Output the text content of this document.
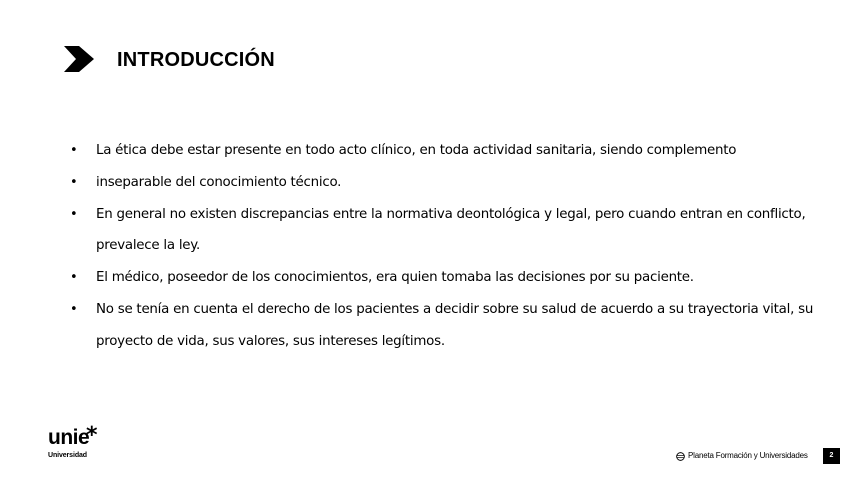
INTRODUCCIÓN
• La ética debe estar presente en todo acto clínico, en toda actividad sanitaria, siendo complemento
• inseparable del conocimiento técnico.
• En general no existen discrepancias entre la normativa deontológica y legal, pero cuando entran en conflicto, prevalece la ley.
• El médico, poseedor de los conocimientos, era quien tomaba las decisiones por su paciente.
• No se tenía en cuenta el derecho de los pacientes a decidir sobre su salud de acuerdo a su trayectoria vital, su proyecto de vida, sus valores, sus intereses legítimos.
unie
*
Universidad	Planeta Formación y Universidades	2
